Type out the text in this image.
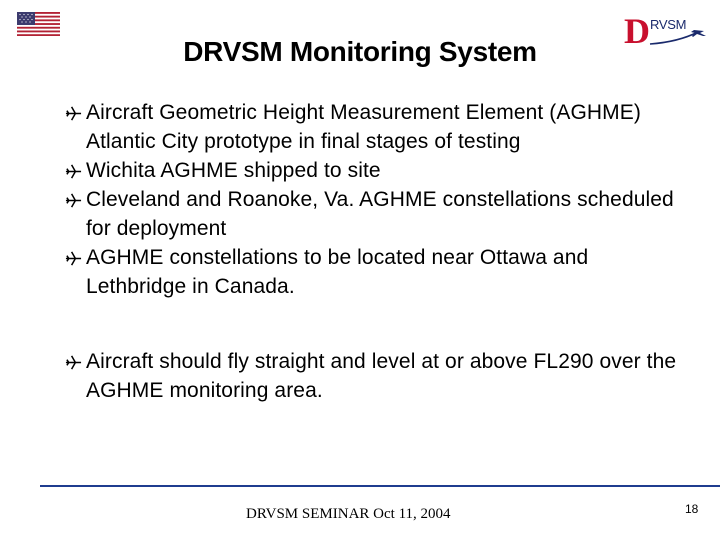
DRVSM Monitoring System
D RVSM
Aircraft Geometric Height Measurement Element (AGHME) Atlantic City prototype in final stages of testing
Wichita AGHME shipped to site
Cleveland and Roanoke, Va. AGHME constellations scheduled for deployment
AGHME constellations to be located near Ottawa and Lethbridge in Canada.
Aircraft should fly straight and level at or above FL290 over the AGHME monitoring area.
DRVSM SEMINAR Oct 11, 2004	18
